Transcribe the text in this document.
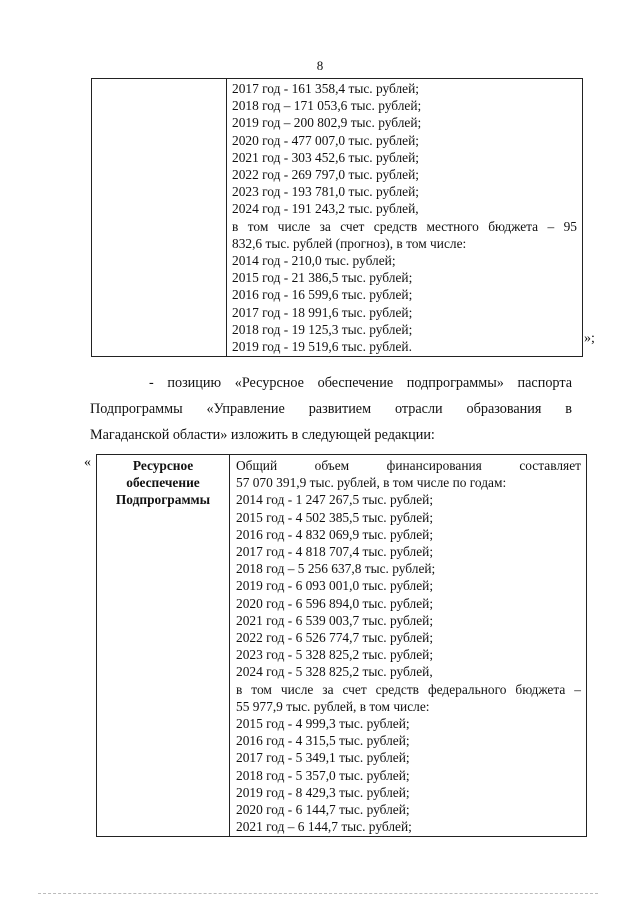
8

2017 год - 161 358,4 тыс. рублей;
2018 год – 171 053,6 тыс. рублей;
2019 год – 200 802,9 тыс. рублей;
2020 год - 477 007,0 тыс. рублей;
2021 год - 303 452,6 тыс. рублей;
2022 год - 269 797,0 тыс. рублей;
2023 год - 193 781,0 тыс. рублей;
2024 год - 191 243,2 тыс. рублей,
в том числе за счет средств местного бюджета – 95
832,6 тыс. рублей (прогноз), в том числе:
2014 год - 210,0 тыс. рублей;
2015 год - 21 386,5 тыс. рублей;
2016 год - 16 599,6 тыс. рублей;
2017 год - 18 991,6 тыс. рублей;
2018 год - 19 125,3 тыс. рублей;
2019 год - 19 519,6 тыс. рублей.
»;
- позицию «Ресурсное обеспечение подпрограммы» паспорта
Подпрограммы «Управление развитием отрасли образования в
Магаданской области» изложить в следующей редакции:
«	Ресурсное обеспечение Подпрограммы	
Общий объем финансирования составляет
57 070 391,9 тыс. рублей, в том числе по годам:
2014 год - 1 247 267,5 тыс. рублей;
2015 год - 4 502 385,5 тыс. рублей;
2016 год - 4 832 069,9 тыс. рублей;
2017 год - 4 818 707,4 тыс. рублей;
2018 год – 5 256 637,8 тыс. рублей;
2019 год - 6 093 001,0 тыс. рублей;
2020 год - 6 596 894,0 тыс. рублей;
2021 год - 6 539 003,7 тыс. рублей;
2022 год - 6 526 774,7 тыс. рублей;
2023 год - 5 328 825,2 тыс. рублей;
2024 год - 5 328 825,2 тыс. рублей,
в том числе за счет средств федерального бюджета –
55 977,9 тыс. рублей, в том числе:
2015 год - 4 999,3 тыс. рублей;
2016 год - 4 315,5 тыс. рублей;
2017 год - 5 349,1 тыс. рублей;
2018 год - 5 357,0 тыс. рублей;
2019 год - 8 429,3 тыс. рублей;
2020 год - 6 144,7 тыс. рублей;
2021 год – 6 144,7 тыс. рублей;
